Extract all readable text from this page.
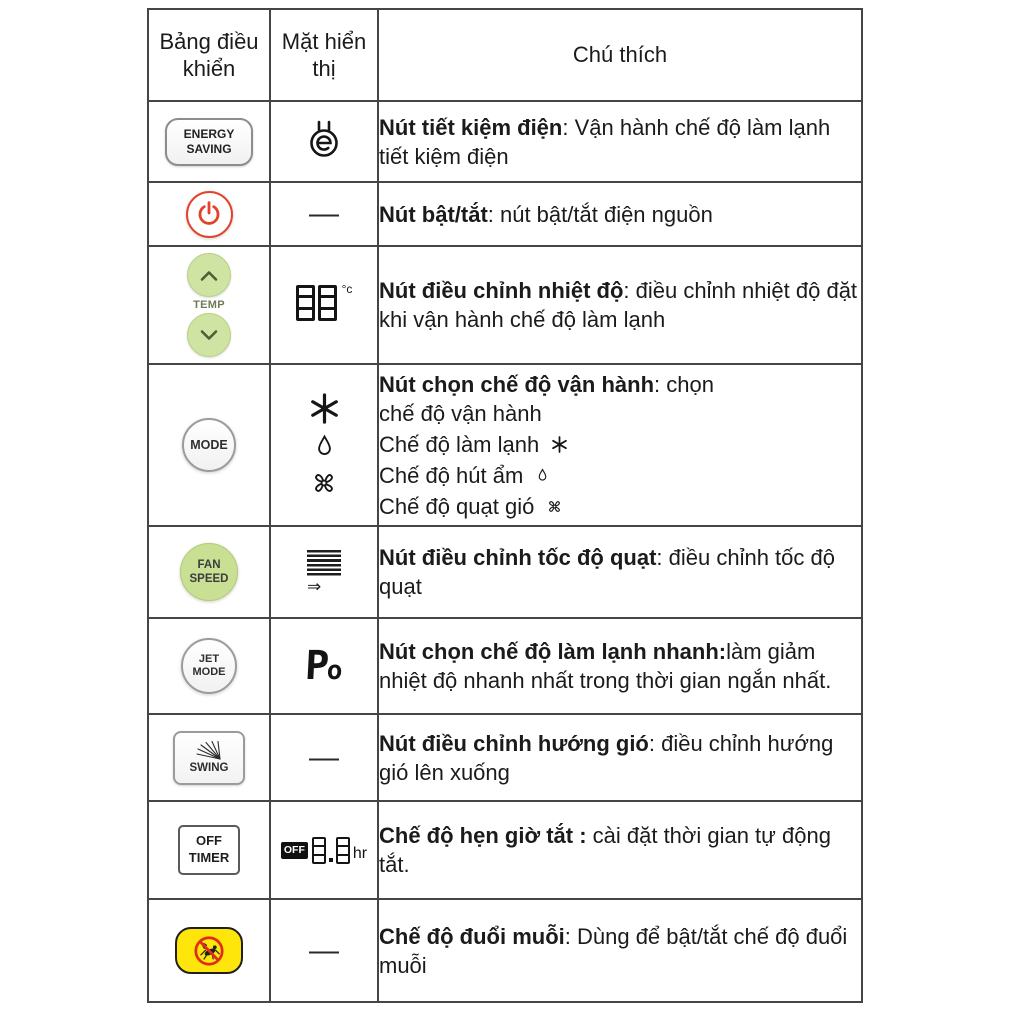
Bảng điều khiển	Mặt hiển thị	Chú thích

ENERGY
SAVING		Nút tiết kiệm điện: Vận hành chế độ làm lạnh tiết kiệm điện

	—	Nút bật/tắt: nút bật/tắt điện nguồn

TEMP	°c	Nút điều chỉnh nhiệt độ: điều chỉnh nhiệt độ đặt khi vận hành chế độ làm lạnh

MODE		Nút chọn chế độ vận hành: chọn
chế độ vận hành

Chế độ làm lạnh
Chế độ hút ẩm
Chế độ quạt gió

FAN
SPEED	⇒	Nút điều chỉnh tốc độ quạt: điều chỉnh tốc độ quạt

JET
MODE	Po	Nút chọn chế độ làm lạnh nhanh:làm giảm nhiệt độ nhanh nhất trong thời gian ngắn nhất.

SWING	—	Nút điều chỉnh hướng gió: điều chỉnh hướng gió lên xuống

OFF
TIMER	OFF hr	Chế độ hẹn giờ tắt : cài đặt thời gian tự động tắt.

	—	Chế độ đuổi muỗi: Dùng để bật/tắt chế độ đuổi muỗi
